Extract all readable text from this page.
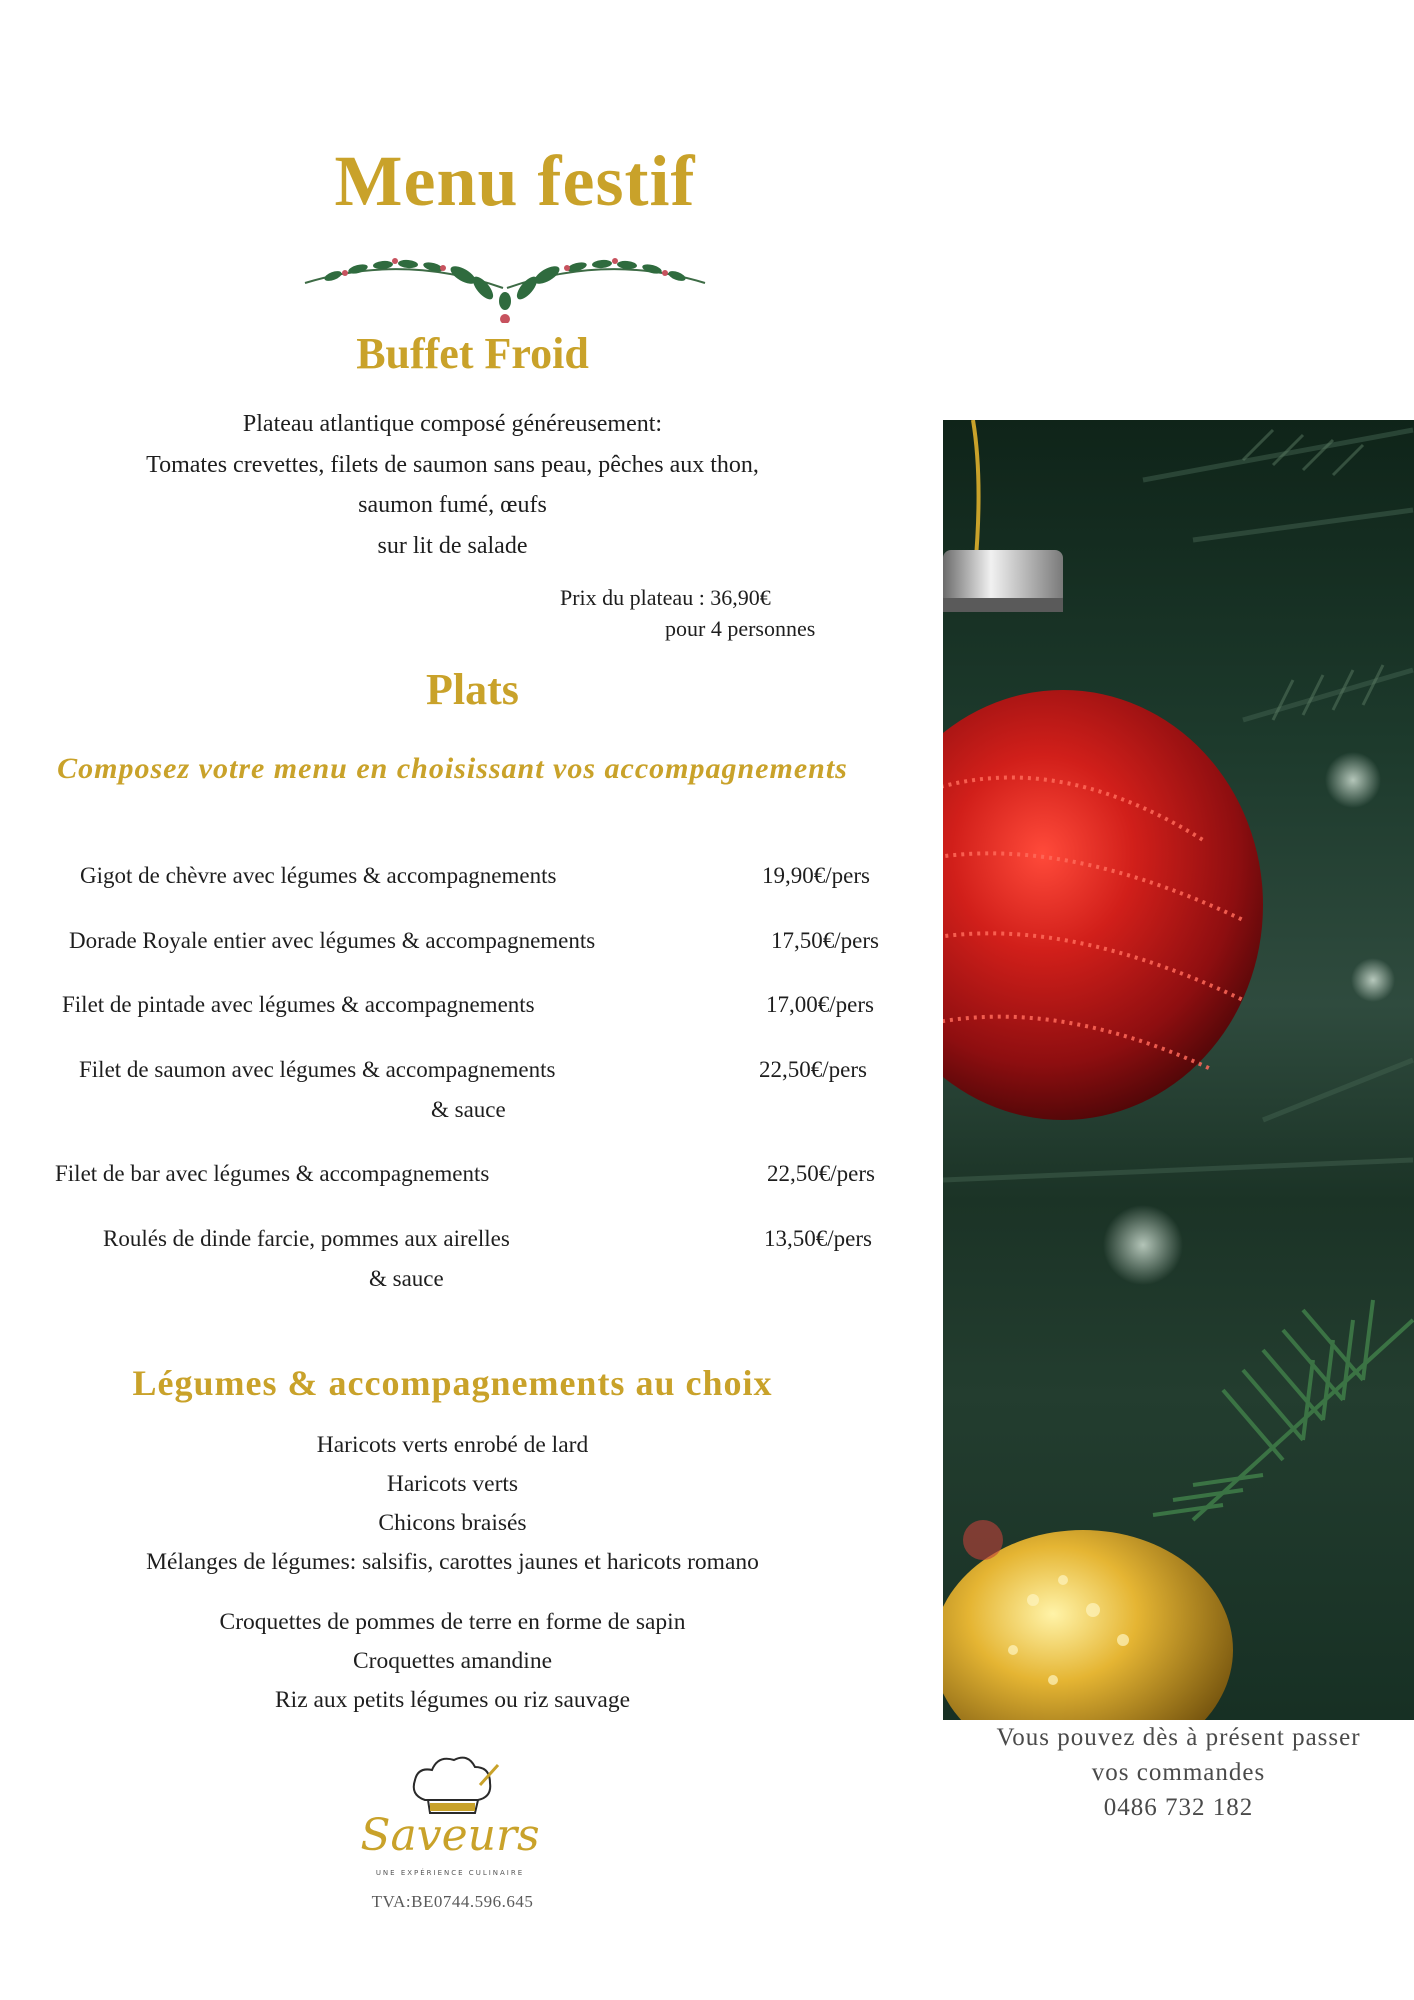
Menu festif
Buffet Froid
Plateau atlantique composé généreusement:
Tomates crevettes, filets de saumon sans peau, pêches aux thon,
saumon fumé, œufs
sur lit de salade
Prix du plateau : 36,90€
pour 4 personnes
Plats
Composez votre menu en choisissant vos accompagnements
Gigot de chèvre avec légumes & accompagnements	19,90€/pers
Dorade Royale entier avec légumes & accompagnements	17,50€/pers
Filet de pintade avec légumes & accompagnements	17,00€/pers
Filet de saumon avec légumes & accompagnements	22,50€/pers
& sauce
Filet de bar avec légumes & accompagnements	22,50€/pers
Roulés de dinde farcie, pommes aux airelles	13,50€/pers
& sauce
Légumes & accompagnements au choix
Haricots verts enrobé de lard
Haricots verts
Chicons braisés
Mélanges de légumes: salsifis, carottes jaunes et haricots romano
Croquettes de pommes de terre en forme de sapin
Croquettes amandine
Riz aux petits légumes ou riz sauvage
Vous pouvez dès à présent passer
vos commandes
0486 732 182
Saveurs
UNE EXPÉRIENCE CULINAIRE
TVA:BE0744.596.645
